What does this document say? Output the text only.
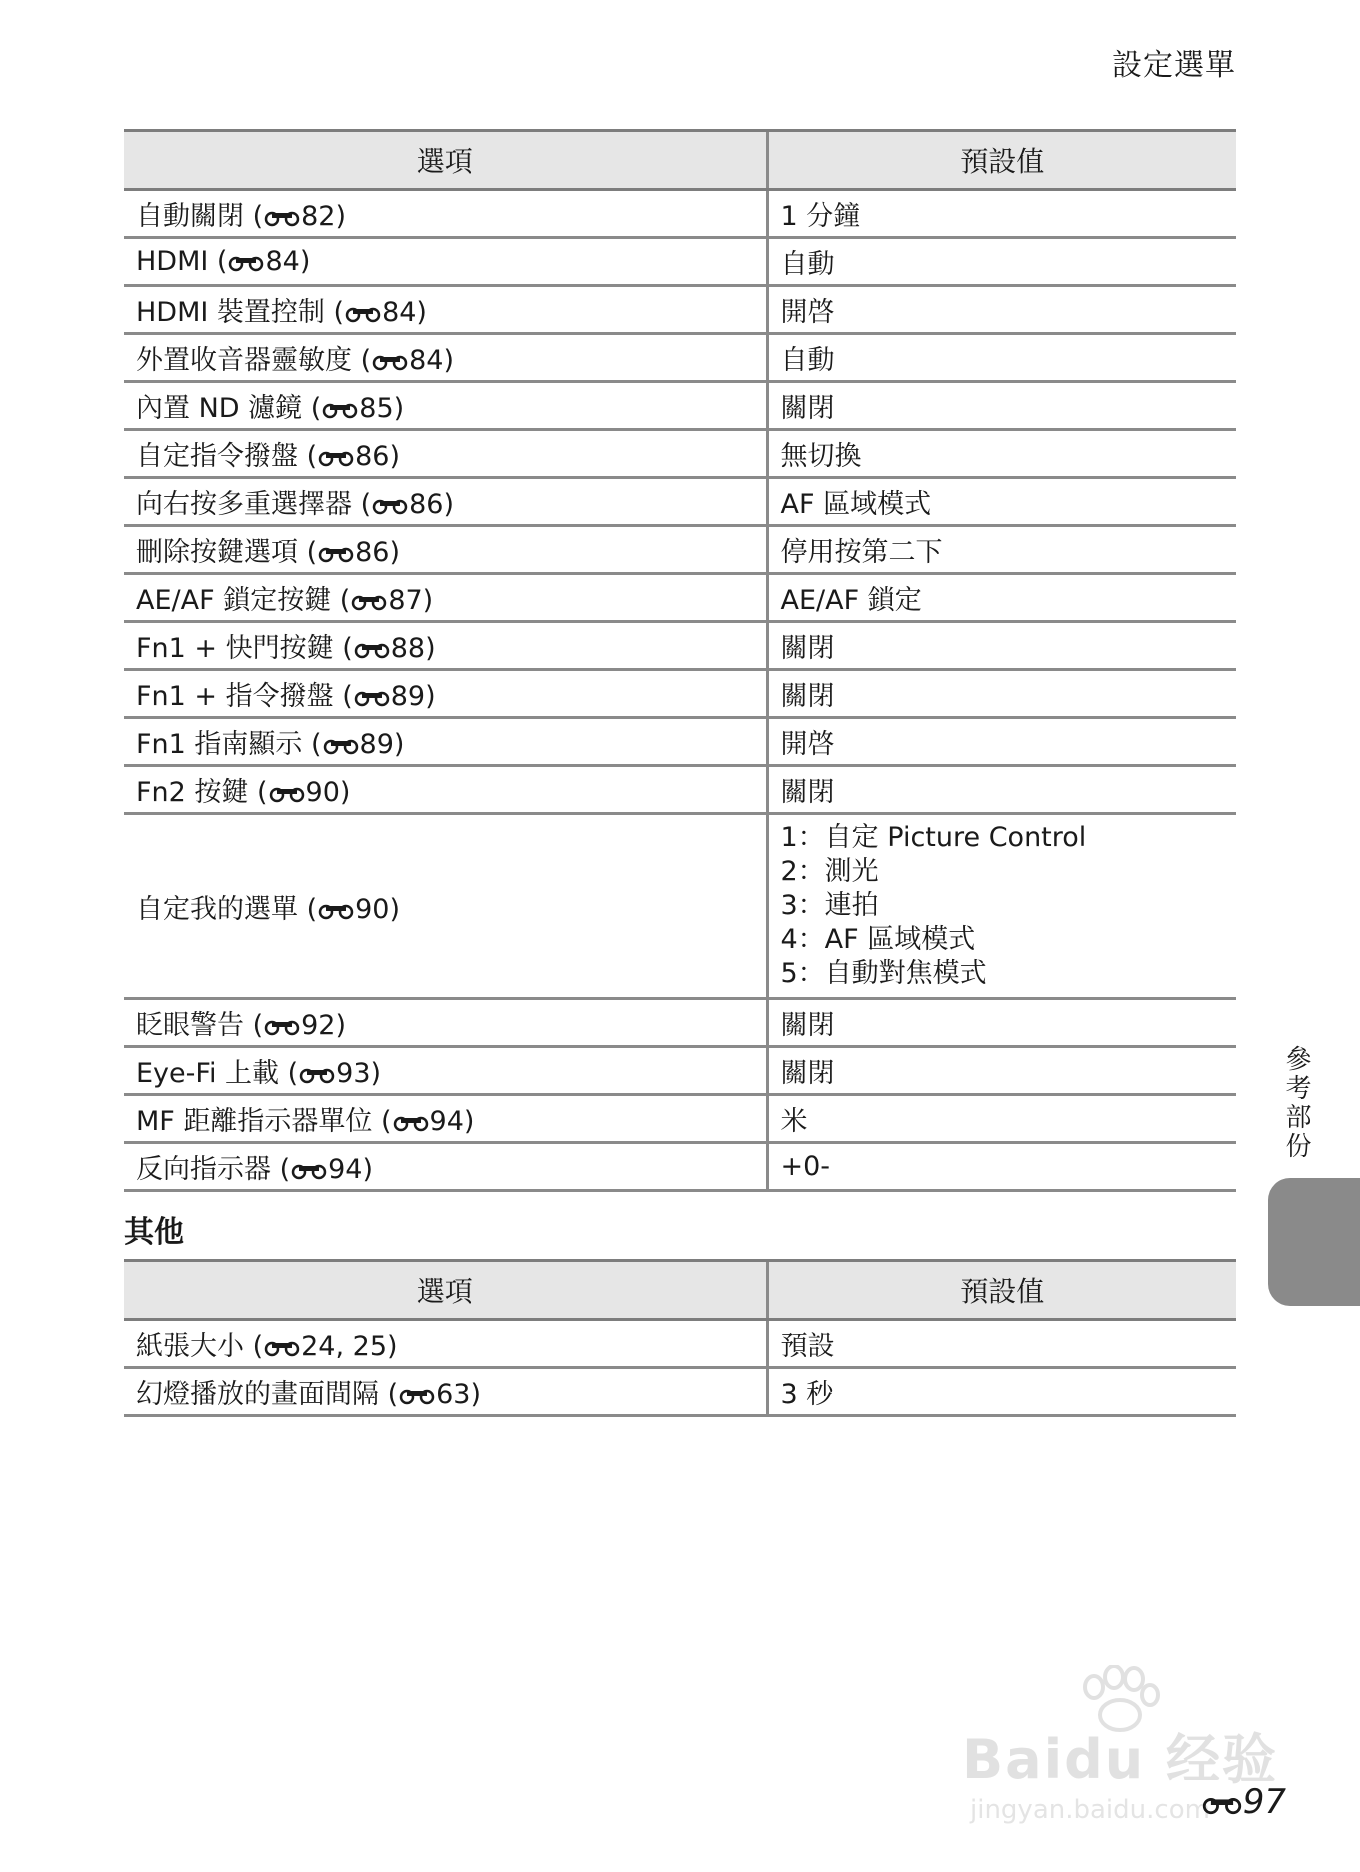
設定選單
選項	預設值
自動關閉 ( 82)	1 分鐘
HDMI ( 84)	自動
HDMI 裝置控制 ( 84)	開啓
外置收音器靈敏度 ( 84)	自動
內置 ND 濾鏡 ( 85)	關閉
自定指令撥盤 ( 86)	無切換
向右按多重選擇器 ( 86)	AF 區域模式
刪除按鍵選項 ( 86)	停用按第二下
AE/AF 鎖定按鍵 ( 87)	AE/AF 鎖定
Fn1 + 快門按鍵 ( 88)	關閉
Fn1 + 指令撥盤 ( 89)	關閉
Fn1 指南顯示 ( 89)	開啓
Fn2 按鍵 ( 90)	關閉
自定我的選單 ( 90)	1：自定 Picture Control
2：測光
3：連拍
4：AF 區域模式
5：自動對焦模式

眨眼警告 ( 92)	關閉
Eye-Fi 上載 ( 93)	關閉
MF 距離指示器單位 ( 94)	米
反向指示器 ( 94)	+0-
其他
選項	預設值
紙張大小 ( 24, 25)	預設
幻燈播放的畫面間隔 ( 63)	3 秒
參考部份
Baidu 经验
jingyan.baidu.com 97
